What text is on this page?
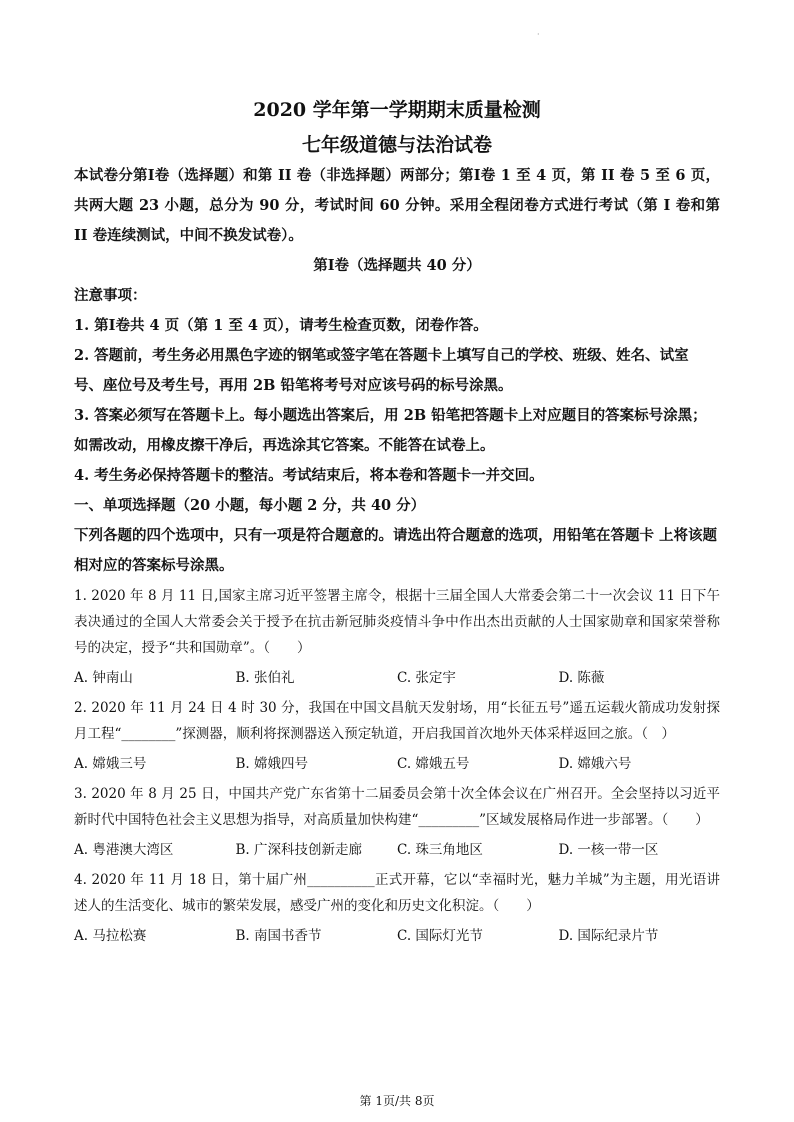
·
2020 学年第一学期期末质量检测
七年级道德与法治试卷

本试卷分第Ⅰ卷（选择题）和第 II 卷（非选择题）两部分；第Ⅰ卷 1 至 4 页，第 II 卷 5 至 6 页，共两大题 23 小题，总分为 90 分，考试时间 60 分钟。采用全程闭卷方式进行考试（第 I 卷和第 II 卷连续测试，中间不换发试卷）。

第Ⅰ卷（选择题共 40 分）

注意事项：

1. 第Ⅰ卷共 4 页（第 1 至 4 页），请考生检查页数，闭卷作答。

2. 答题前，考生务必用黑色字迹的钢笔或签字笔在答题卡上填写自己的学校、班级、姓名、试室 号、座位号及考生号，再用 2B 铅笔将考号对应该号码的标号涂黑。

3. 答案必须写在答题卡上。每小题选出答案后，用 2B 铅笔把答题卡上对应题目的答案标号涂黑； 如需改动，用橡皮擦干净后，再选涂其它答案。不能答在试卷上。

4. 考生务必保持答题卡的整洁。考试结束后，将本卷和答题卡一并交回。

一、单项选择题（20 小题，每小题 2 分，共 40 分）

下列各题的四个选项中，只有一项是符合题意的。请选出符合题意的选项，用铅笔在答题卡 上将该题相对应的答案标号涂黑。

1. 2020 年 8 月 11 日,国家主席习近平签署主席令，根据十三届全国人大常委会第二十一次会议 11 日下午表决通过的全国人大常委会关于授予在抗击新冠肺炎疫情斗争中作出杰出贡献的人士国家勋章和国家荣誉称号的决定，授予“共和国勋章”。（　　）

A. 钟南山	B. 张伯礼	C. 张定宇	D. 陈薇

2. 2020 年 11 月 24 日 4 时 30 分，我国在中国文昌航天发射场，用“长征五号”遥五运载火箭成功发射探月工程“________”探测器，顺利将探测器送入预定轨道，开启我国首次地外天体采样返回之旅。（　）

A. 嫦娥三号	B. 嫦娥四号	C. 嫦娥五号	D. 嫦娥六号

3. 2020 年 8 月 25 日，中国共产党广东省第十二届委员会第十次全体会议在广州召开。全会坚持以习近平新时代中国特色社会主义思想为指导，对高质量加快构建“_________”区域发展格局作进一步部署。（　　）

A. 粤港澳大湾区	B. 广深科技创新走廊	C. 珠三角地区	D. 一核一带一区

4. 2020 年 11 月 18 日，第十届广州__________正式开幕，它以“幸福时光，魅力羊城”为主题，用光语讲述人的生活变化、城市的繁荣发展，感受广州的变化和历史文化积淀。（　　）

A. 马拉松赛	B. 南国书香节	C. 国际灯光节	D. 国际纪录片节
第 1页/共 8页
